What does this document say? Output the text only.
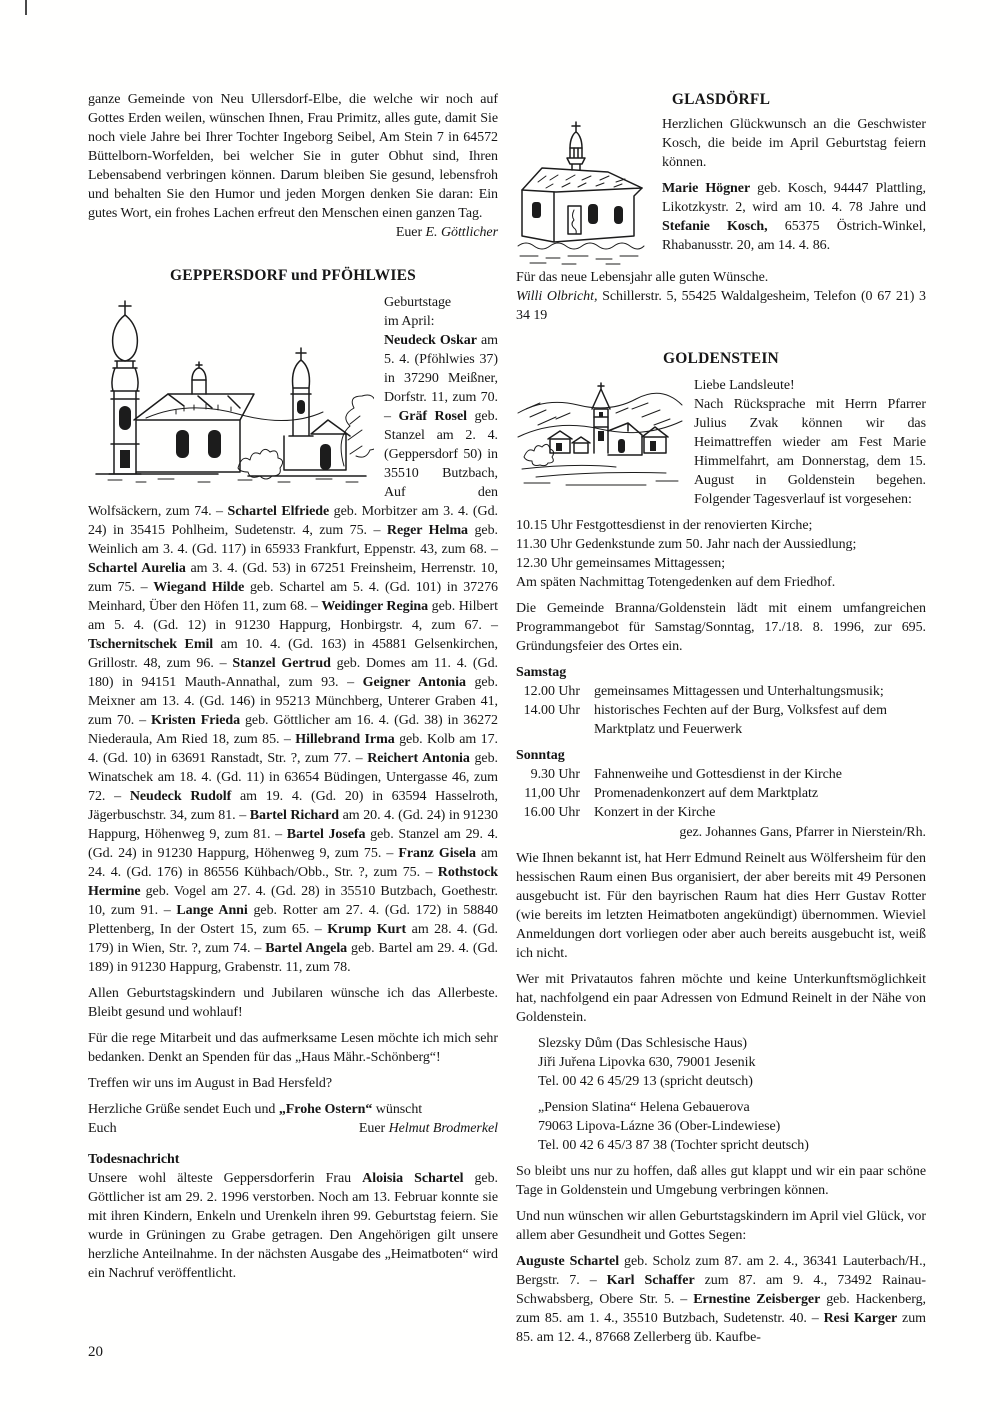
ganze Gemeinde von Neu Ullersdorf-Elbe, die welche wir noch auf Gottes Erden weilen, wünschen Ihnen, Frau Primitz, alles gute, damit Sie noch viele Jahre bei Ihrer Tochter Ingeborg Seibel, Am Stein 7 in 64572 Büttelborn-Worfelden, bei welcher Sie in guter Obhut sind, Ihren Lebensabend verbringen können. Darum bleiben Sie gesund, lebensfroh und behalten Sie den Humor und jeden Morgen denken Sie daran: Ein gutes Wort, ein frohes Lachen erfreut den Menschen einen ganzen Tag.

Euer E. Göttlicher
GEPPERSDORF und PFÖHLWIES

Geburtstage
im April:
Neudeck Oskar am 5. 4. (Pföhlwies 37) in 37290 Meißner, Dorfstr. 11, zum 70. – Gräf Rosel geb. Stanzel am 2. 4. (Geppersdorf 50) in 35510 Butzbach, Auf den Wolfsäckern, zum 74. – Schartel Elfriede geb. Morbitzer am 3. 4. (Gd. 24) in 35415 Pohlheim, Sudetenstr. 4, zum 75. – Reger Helma geb. Weinlich am 3. 4. (Gd. 117) in 65933 Frankfurt, Eppenstr. 43, zum 68. – Schartel Aurelia am 3. 4. (Gd. 53) in 67251 Freinsheim, Herrenstr. 10, zum 75. – Wiegand Hilde geb. Schartel am 5. 4. (Gd. 101) in 37276 Meinhard, Über den Höfen 11, zum 68. – Weidinger Regina geb. Hilbert am 5. 4. (Gd. 12) in 91230 Happurg, Honbirgstr. 4, zum 67. – Tschernitschek Emil am 10. 4. (Gd. 163) in 45881 Gelsenkirchen, Grillostr. 48, zum 96. – Stanzel Gertrud geb. Domes am 11. 4. (Gd. 180) in 94151 Mauth-Annathal, zum 93. – Geigner Antonia geb. Meixner am 13. 4. (Gd. 146) in 95213 Münchberg, Unterer Graben 41, zum 70. – Kristen Frieda geb. Göttlicher am 16. 4. (Gd. 38) in 36272 Niederaula, Am Ried 18, zum 85. – Hillebrand Irma geb. Kolb am 17. 4. (Gd. 10) in 63691 Ranstadt, Str. ?, zum 77. – Reichert Antonia geb. Winatschek am 18. 4. (Gd. 11) in 63654 Büdingen, Untergasse 46, zum 72. – Neudeck Rudolf am 19. 4. (Gd. 20) in 63594 Hasselroth, Jägerbuschstr. 34, zum 81. – Bartel Richard am 20. 4. (Gd. 24) in 91230 Happurg, Höhenweg 9, zum 81. – Bartel Josefa geb. Stanzel am 29. 4. (Gd. 24) in 91230 Happurg, Höhenweg 9, zum 75. – Franz Gisela am 24. 4. (Gd. 176) in 86556 Kühbach/Obb., Str. ?, zum 75. – Rothstock Hermine geb. Vogel am 27. 4. (Gd. 28) in 35510 Butzbach, Goethestr. 10, zum 91. – Lange Anni geb. Rotter am 27. 4. (Gd. 172) in 58840 Plettenberg, In der Ostert 15, zum 65. – Krump Kurt am 28. 4. (Gd. 179) in Wien, Str. ?, zum 74. – Bartel Angela geb. Bartel am 29. 4. (Gd. 189) in 91230 Happurg, Grabenstr. 11, zum 78.

Allen Geburtstagskindern und Jubilaren wünsche ich das Allerbeste. Bleibt gesund und wohlauf!

Für die rege Mitarbeit und das aufmerksame Lesen möchte ich mich sehr bedanken. Denkt an Spenden für das „Haus Mähr.-Schönberg“!

Treffen wir uns im August in Bad Hersfeld?

Herzliche Grüße sendet Euch und „Frohe Ostern“ wünscht

Euch	Euer Helmut Brodmerkel
Todesnachricht

Unsere wohl älteste Geppersdorferin Frau Aloisia Schartel geb. Göttlicher ist am 29. 2. 1996 verstorben. Noch am 13. Februar konnte sie mit ihren Kindern, Enkeln und Urenkeln ihren 99. Geburtstag feiern. Sie wurde in Grüningen zu Grabe getragen. Den Angehörigen gilt unsere herzliche Anteilnahme. In der nächsten Ausgabe des „Heimatboten“ wird ein Nachruf veröffentlicht.

GLASDÖRFL

Herzlichen Glückwunsch an die Geschwister Kosch, die beide im April Geburtstag feiern können.

Marie Högner geb. Kosch, 94447 Plattling, Likotzkystr. 2, wird am 10. 4. 78 Jahre und Stefanie Kosch, 65375 Östrich-Winkel, Rhabanusstr. 20, am 14. 4. 86.

Für das neue Lebensjahr alle guten Wünsche.

Willi Olbricht, Schillerstr. 5, 55425 Waldalgesheim, Telefon (0 67 21) 3 34 19

GOLDENSTEIN

Liebe Landsleute!
Nach Rücksprache mit Herrn Pfarrer Julius Zvak können wir das Heimattreffen wieder am Fest Marie Himmelfahrt, am Donnerstag, dem 15. August in Goldenstein begehen. Folgender Tagesverlauf ist vorgesehen:

10.15 Uhr Festgottesdienst in der renovierten Kirche;
11.30 Uhr Gedenkstunde zum 50. Jahr nach der Aussiedlung;
12.30 Uhr gemeinsames Mittagessen;
Am späten Nachmittag Totengedenken auf dem Friedhof.

Die Gemeinde Branna/Goldenstein lädt mit einem umfangreichen Programmangebot für Samstag/Sonntag, 17./18. 8. 1996, zur 695. Gründungsfeier des Ortes ein.

Samstag
12.00 Uhr gemeinsames Mittagessen und Unterhaltungsmusik;
14.00 Uhr historisches Fechten auf der Burg, Volksfest auf dem Marktplatz und Feuerwerk
Sonntag
9.30 Uhr Fahnenweihe und Gottesdienst in der Kirche
11,00 Uhr Promenadenkonzert auf dem Marktplatz
16.00 Uhr Konzert in der Kirche
gez. Johannes Gans, Pfarrer in Nierstein/Rh.

Wie Ihnen bekannt ist, hat Herr Edmund Reinelt aus Wölfersheim für den hessischen Raum einen Bus organisiert, der aber bereits mit 49 Personen ausgebucht ist. Für den bayrischen Raum hat dies Herr Gustav Rotter (wie bereits im letzten Heimatboten angekündigt) übernommen. Wieviel Anmeldungen dort vorliegen oder aber auch bereits ausgebucht ist, weiß ich nicht.

Wer mit Privatautos fahren möchte und keine Unterkunftsmöglichkeit hat, nachfolgend ein paar Adressen von Edmund Reinelt in der Nähe von Goldenstein.

Slezsky Dům (Das Schlesische Haus)
Jiři Juřena Lipovka 630, 79001 Jesenik
Tel. 00 42 6 45/29 13 (spricht deutsch)
„Pension Slatina“ Helena Gebauerova
79063 Lipova-Lázne 36 (Ober-Lindewiese)
Tel. 00 42 6 45/3 87 38 (Tochter spricht deutsch)

So bleibt uns nur zu hoffen, daß alles gut klappt und wir ein paar schöne Tage in Goldenstein und Umgebung verbringen können.

Und nun wünschen wir allen Geburtstagskindern im April viel Glück, vor allem aber Gesundheit und Gottes Segen:

Auguste Schartel geb. Scholz zum 87. am 2. 4., 36341 Lauterbach/H., Bergstr. 7. – Karl Schaffer zum 87. am 9. 4., 73492 Rainau-Schwabsberg, Obere Str. 5. – Ernestine Zeisberger geb. Hackenberg, zum 85. am 1. 4., 35510 Butzbach, Sudetenstr. 40. – Resi Karger zum 85. am 12. 4., 87668 Zellerberg üb. Kaufbe-

20
